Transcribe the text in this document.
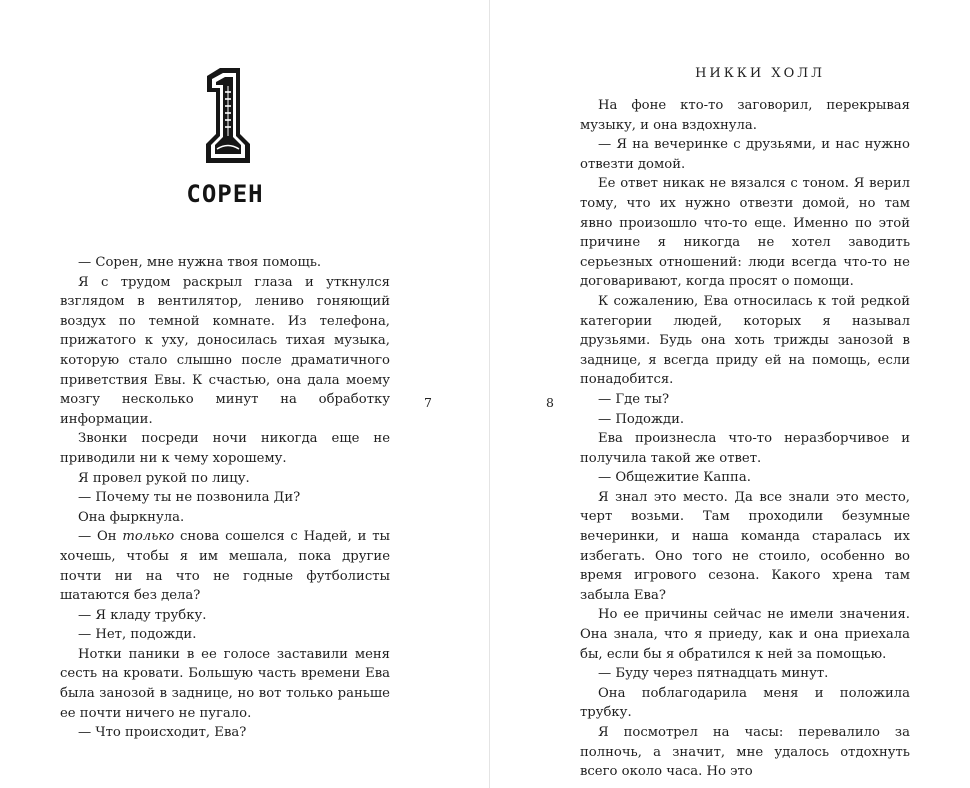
СОРЕН

— Сорен, мне нужна твоя помощь.

Я с трудом раскрыл глаза и уткнулся взглядом в вентилятор, лениво гоняющий воздух по темной комнате. Из телефона, прижатого к уху, доносилась тихая музыка, которую стало слышно после драматичного приветствия Евы. К счастью, она дала моему мозгу несколько минут на обработку информации.

Звонки посреди ночи никогда еще не приводили ни к чему хорошему.

Я провел рукой по лицу.

— Почему ты не позвонила Ди?

Она фыркнула.

— Он только снова сошелся с Надей, и ты хочешь, чтобы я им мешала, пока другие почти ни на что не годные футболисты шатаются без дела?

— Я кладу трубку.

— Нет, подожди.

Нотки паники в ее голосе заставили меня сесть на кровати. Большую часть времени Ева была занозой в заднице, но вот только раньше ее почти ничего не пугало.

— Что происходит, Ева?

7
НИККИ ХОЛЛ

На фоне кто-то заговорил, перекрывая музыку, и она вздохнула.

— Я на вечеринке с друзьями, и нас нужно отвезти домой.

Ее ответ никак не вязался с тоном. Я верил тому, что их нужно отвезти домой, но там явно произошло что-то еще. Именно по этой причине я никогда не хотел заводить серьезных отношений: люди всегда что-то не договаривают, когда просят о помощи.

К сожалению, Ева относилась к той редкой категории людей, которых я называл друзьями. Будь она хоть трижды занозой в заднице, я всегда приду ей на помощь, если понадобится.

— Где ты?

— Подожди.

Ева произнесла что-то неразборчивое и получила такой же ответ.

— Общежитие Каппа.

Я знал это место. Да все знали это место, черт возьми. Там проходили безумные вечеринки, и наша команда старалась их избегать. Оно того не стоило, особенно во время игрового сезона. Какого хрена там забыла Ева?

Но ее причины сейчас не имели значения. Она знала, что я приеду, как и она приехала бы, если бы я обратился к ней за помощью.

— Буду через пятнадцать минут.

Она поблагодарила меня и положила трубку.

Я посмотрел на часы: перевалило за полночь, а значит, мне удалось отдохнуть всего около часа. Но это

8
